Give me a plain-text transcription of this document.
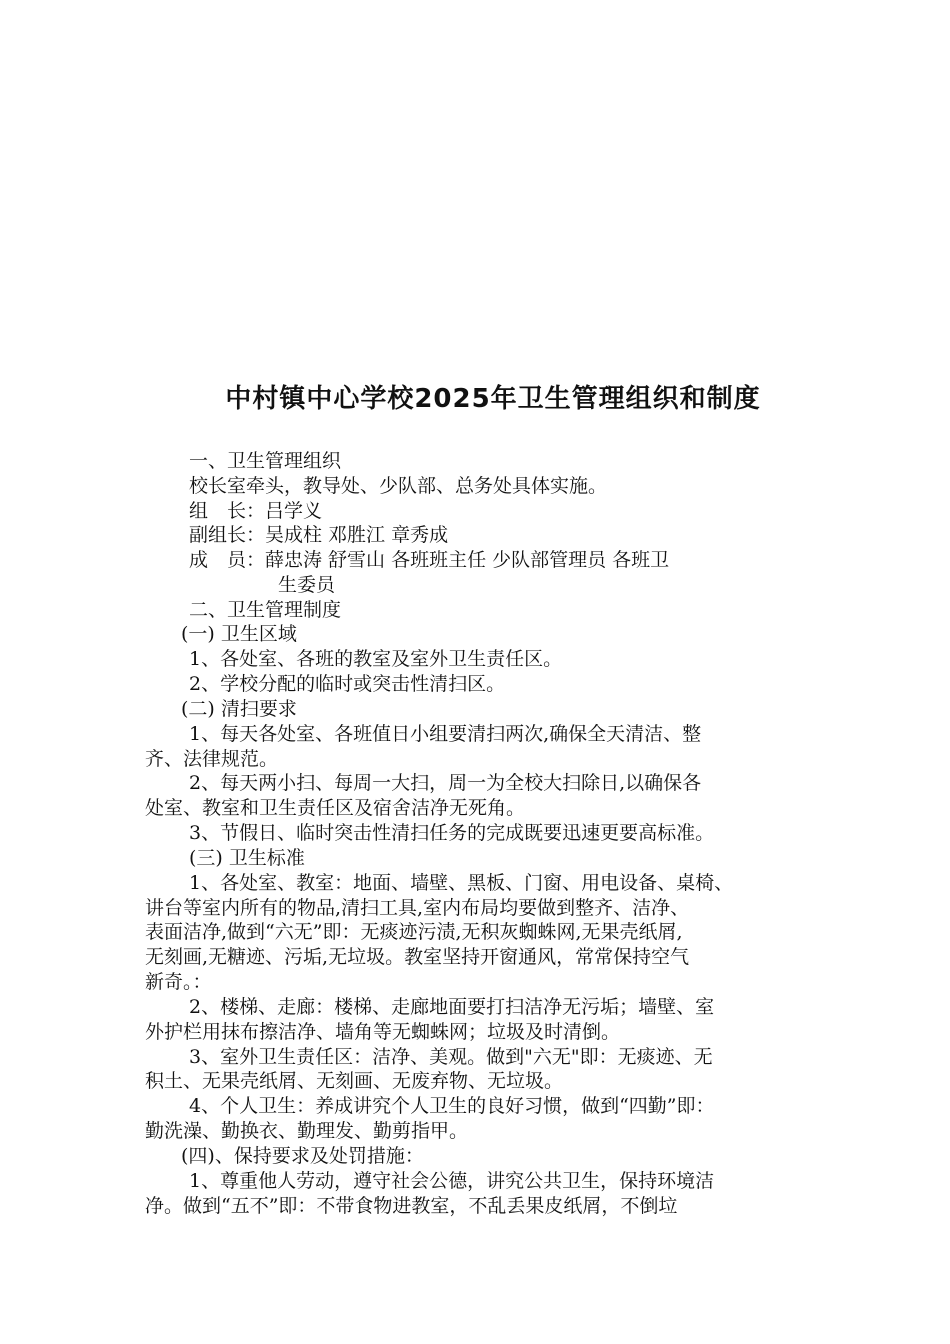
中村镇中心学校2025年卫生管理组织和制度
一、卫生管理组织
校长室牵头，教导处、少队部、总务处具体实施。
组　长：吕学义
副组长：吴成柱 邓胜江 章秀成
成　员：薛忠涛 舒雪山 各班班主任 少队部管理员 各班卫
生委员
二、卫生管理制度
(一) 卫生区域
1、各处室、各班的教室及室外卫生责任区。
2、学校分配的临时或突击性清扫区。
(二) 清扫要求
1、每天各处室、各班值日小组要清扫两次,确保全天清洁、整
齐、法律规范。
2、每天两小扫、每周一大扫，周一为全校大扫除日,以确保各
处室、教室和卫生责任区及宿舍洁净无死角。
3、节假日、临时突击性清扫任务的完成既要迅速更要高标准。
(三) 卫生标准
1、各处室、教室：地面、墙壁、黑板、门窗、用电设备、桌椅、
讲台等室内所有的物品,清扫工具,室内布局均要做到整齐、洁净、
表面洁净,做到“六无”即：无痰迹污渍,无积灰蜘蛛网,无果壳纸屑,
无刻画,无糖迹、污垢,无垃圾。教室坚持开窗通风，常常保持空气
新奇。：
2、楼梯、走廊：楼梯、走廊地面要打扫洁净无污垢；墙壁、室
外护栏用抹布擦洁净、墙角等无蜘蛛网；垃圾及时清倒。
3、室外卫生责任区：洁净、美观。做到"六无"即：无痰迹、无
积土、无果壳纸屑、无刻画、无废弃物、无垃圾。
4、个人卫生：养成讲究个人卫生的良好习惯，做到“四勤”即：
勤洗澡、勤换衣、勤理发、勤剪指甲。
(四)、保持要求及处罚措施：
1、尊重他人劳动，遵守社会公德，讲究公共卫生，保持环境洁
净。做到“五不”即：不带食物进教室，不乱丢果皮纸屑，不倒垃
